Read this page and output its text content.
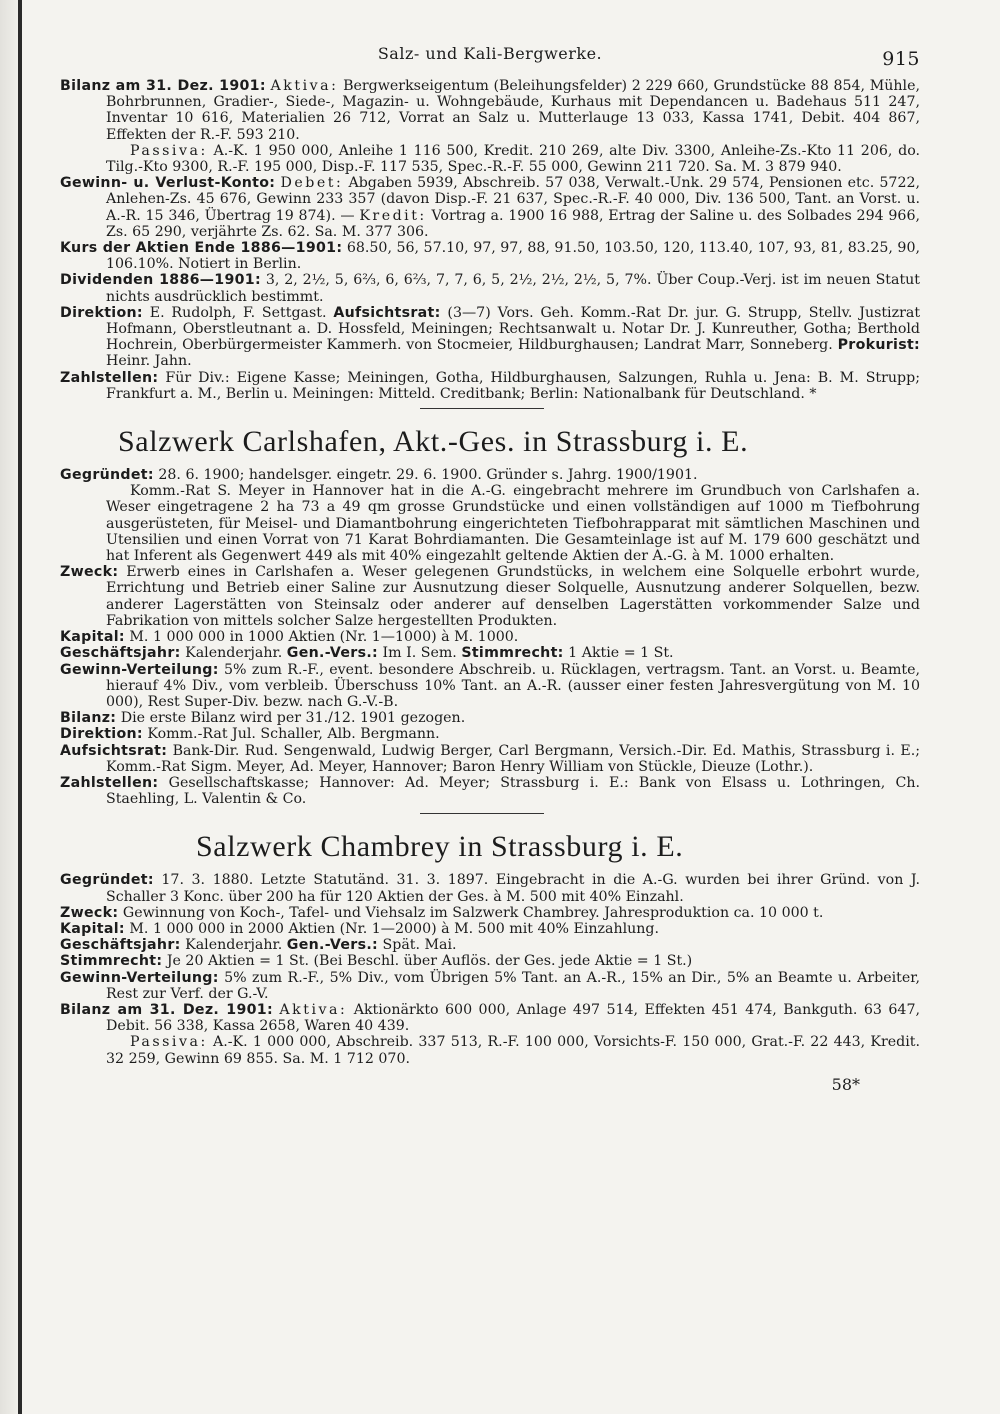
Salz- und Kali-Bergwerke.	915

Bilanz am 31. Dez. 1901: Aktiva: Bergwerkseigentum (Beleihungsfelder) 2 229 660, Grundstücke 88 854, Mühle, Bohrbrunnen, Gradier-, Siede-, Magazin- u. Wohngebäude, Kurhaus mit Dependancen u. Badehaus 511 247, Inventar 10 616, Materialien 26 712, Vorrat an Salz u. Mutterlauge 13 033, Kassa 1741, Debit. 404 867, Effekten der R.-F. 593 210.

Passiva: A.-K. 1 950 000, Anleihe 1 116 500, Kredit. 210 269, alte Div. 3300, Anleihe-Zs.-Kto 11 206, do. Tilg.-Kto 9300, R.-F. 195 000, Disp.-F. 117 535, Spec.-R.-F. 55 000, Gewinn 211 720. Sa. M. 3 879 940.

Gewinn- u. Verlust-Konto: Debet: Abgaben 5939, Abschreib. 57 038, Verwalt.-Unk. 29 574, Pensionen etc. 5722, Anlehen-Zs. 45 676, Gewinn 233 357 (davon Disp.-F. 21 637, Spec.-R.-F. 40 000, Div. 136 500, Tant. an Vorst. u. A.-R. 15 346, Übertrag 19 874). — Kredit: Vortrag a. 1900 16 988, Ertrag der Saline u. des Solbades 294 966, Zs. 65 290, verjährte Zs. 62. Sa. M. 377 306.

Kurs der Aktien Ende 1886—1901: 68.50, 56, 57.10, 97, 97, 88, 91.50, 103.50, 120, 113.40, 107, 93, 81, 83.25, 90, 106.10%. Notiert in Berlin.

Dividenden 1886—1901: 3, 2, 2½, 5, 6⅔, 6, 6⅔, 7, 7, 6, 5, 2½, 2½, 2½, 5, 7%. Über Coup.-Verj. ist im neuen Statut nichts ausdrücklich bestimmt.

Direktion: E. Rudolph, F. Settgast. Aufsichtsrat: (3—7) Vors. Geh. Komm.-Rat Dr. jur. G. Strupp, Stellv. Justizrat Hofmann, Oberstleutnant a. D. Hossfeld, Meiningen; Rechtsanwalt u. Notar Dr. J. Kunreuther, Gotha; Berthold Hochrein, Oberbürgermeister Kammerh. von Stocmeier, Hildburghausen; Landrat Marr, Sonneberg. Prokurist: Heinr. Jahn.

Zahlstellen: Für Div.: Eigene Kasse; Meiningen, Gotha, Hildburghausen, Salzungen, Ruhla u. Jena: B. M. Strupp; Frankfurt a. M., Berlin u. Meiningen: Mitteld. Creditbank; Berlin: Nationalbank für Deutschland. *

Salzwerk Carlshafen, Akt.-Ges. in Strassburg i. E.

Gegründet: 28. 6. 1900; handelsger. eingetr. 29. 6. 1900. Gründer s. Jahrg. 1900/1901.

Komm.-Rat S. Meyer in Hannover hat in die A.-G. eingebracht mehrere im Grundbuch von Carlshafen a. Weser eingetragene 2 ha 73 a 49 qm grosse Grundstücke und einen vollständigen auf 1000 m Tiefbohrung ausgerüsteten, für Meisel- und Diamantbohrung eingerichteten Tiefbohrapparat mit sämtlichen Maschinen und Utensilien und einen Vorrat von 71 Karat Bohrdiamanten. Die Gesamteinlage ist auf M. 179 600 geschätzt und hat Inferent als Gegenwert 449 als mit 40% eingezahlt geltende Aktien der A.-G. à M. 1000 erhalten.

Zweck: Erwerb eines in Carlshafen a. Weser gelegenen Grundstücks, in welchem eine Solquelle erbohrt wurde, Errichtung und Betrieb einer Saline zur Ausnutzung dieser Solquelle, Ausnutzung anderer Solquellen, bezw. anderer Lagerstätten von Steinsalz oder anderer auf denselben Lagerstätten vorkommender Salze und Fabrikation von mittels solcher Salze hergestellten Produkten.

Kapital: M. 1 000 000 in 1000 Aktien (Nr. 1—1000) à M. 1000.

Geschäftsjahr: Kalenderjahr. Gen.-Vers.: Im I. Sem. Stimmrecht: 1 Aktie = 1 St.

Gewinn-Verteilung: 5% zum R.-F., event. besondere Abschreib. u. Rücklagen, vertragsm. Tant. an Vorst. u. Beamte, hierauf 4% Div., vom verbleib. Überschuss 10% Tant. an A.-R. (ausser einer festen Jahresvergütung von M. 10 000), Rest Super-Div. bezw. nach G.-V.-B.

Bilanz: Die erste Bilanz wird per 31./12. 1901 gezogen.

Direktion: Komm.-Rat Jul. Schaller, Alb. Bergmann.

Aufsichtsrat: Bank-Dir. Rud. Sengenwald, Ludwig Berger, Carl Bergmann, Versich.-Dir. Ed. Mathis, Strassburg i. E.; Komm.-Rat Sigm. Meyer, Ad. Meyer, Hannover; Baron Henry William von Stückle, Dieuze (Lothr.).

Zahlstellen: Gesellschaftskasse; Hannover: Ad. Meyer; Strassburg i. E.: Bank von Elsass u. Lothringen, Ch. Staehling, L. Valentin & Co.

Salzwerk Chambrey in Strassburg i. E.

Gegründet: 17. 3. 1880. Letzte Statutänd. 31. 3. 1897. Eingebracht in die A.-G. wurden bei ihrer Gründ. von J. Schaller 3 Konc. über 200 ha für 120 Aktien der Ges. à M. 500 mit 40% Einzahl.

Zweck: Gewinnung von Koch-, Tafel- und Viehsalz im Salzwerk Chambrey. Jahresproduktion ca. 10 000 t.

Kapital: M. 1 000 000 in 2000 Aktien (Nr. 1—2000) à M. 500 mit 40% Einzahlung.

Geschäftsjahr: Kalenderjahr. Gen.-Vers.: Spät. Mai.

Stimmrecht: Je 20 Aktien = 1 St. (Bei Beschl. über Auflös. der Ges. jede Aktie = 1 St.)

Gewinn-Verteilung: 5% zum R.-F., 5% Div., vom Übrigen 5% Tant. an A.-R., 15% an Dir., 5% an Beamte u. Arbeiter, Rest zur Verf. der G.-V.

Bilanz am 31. Dez. 1901: Aktiva: Aktionärkto 600 000, Anlage 497 514, Effekten 451 474, Bankguth. 63 647, Debit. 56 338, Kassa 2658, Waren 40 439.

Passiva: A.-K. 1 000 000, Abschreib. 337 513, R.-F. 100 000, Vorsichts-F. 150 000, Grat.-F. 22 443, Kredit. 32 259, Gewinn 69 855. Sa. M. 1 712 070.

58*
